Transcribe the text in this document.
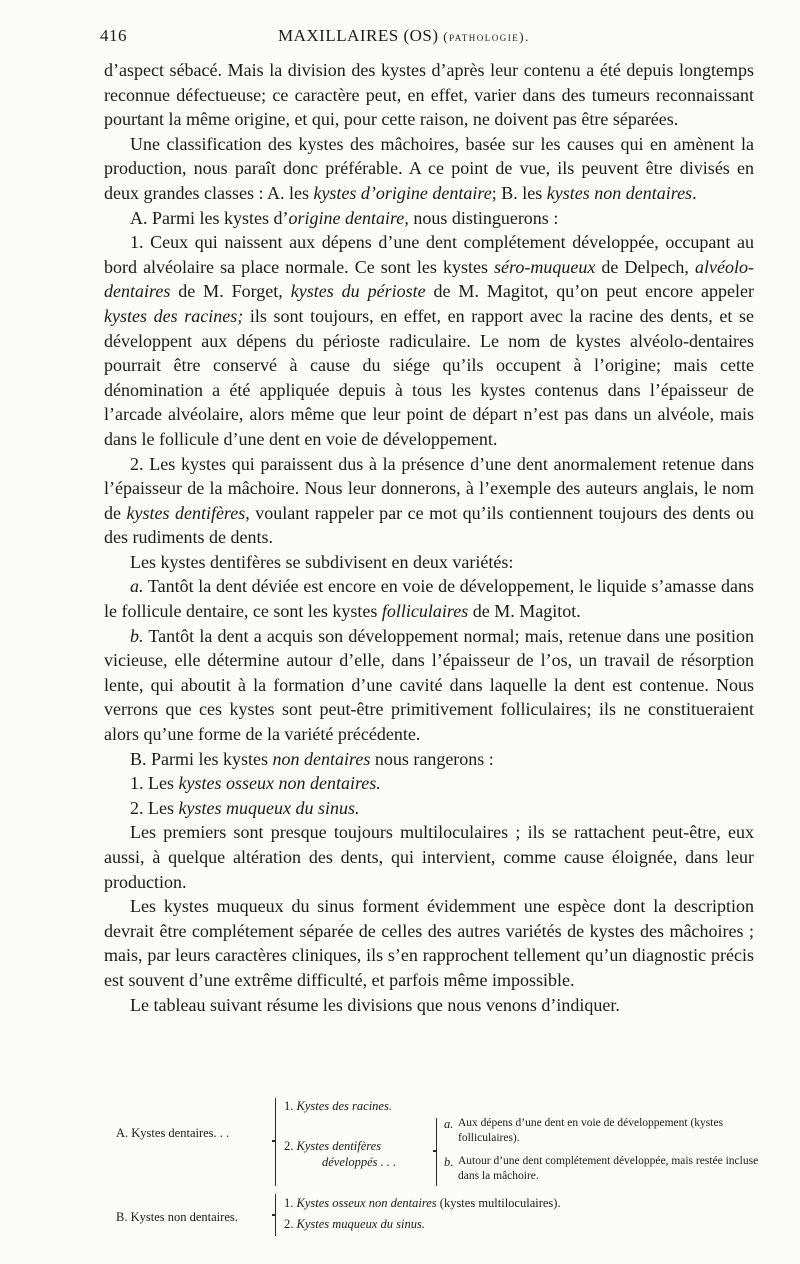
416	MAXILLAIRES (OS) (pathologie).

d’aspect sébacé. Mais la division des kystes d’après leur contenu a été depuis longtemps reconnue défectueuse; ce caractère peut, en effet, varier dans des tumeurs reconnaissant pourtant la même origine, et qui, pour cette raison, ne doivent pas être séparées.

Une classification des kystes des mâchoires, basée sur les causes qui en amènent la production, nous paraît donc préférable. A ce point de vue, ils peuvent être divisés en deux grandes classes : A. les kystes d’origine dentaire; B. les kystes non dentaires.

A. Parmi les kystes d’origine dentaire, nous distinguerons :

1. Ceux qui naissent aux dépens d’une dent complétement développée, occupant au bord alvéolaire sa place normale. Ce sont les kystes séro-muqueux de Delpech, alvéolo-dentaires de M. Forget, kystes du périoste de M. Magitot, qu’on peut encore appeler kystes des racines; ils sont toujours, en effet, en rapport avec la racine des dents, et se développent aux dépens du périoste radiculaire. Le nom de kystes alvéolo-dentaires pourrait être conservé à cause du siége qu’ils occupent à l’origine; mais cette dénomination a été appliquée depuis à tous les kystes contenus dans l’épaisseur de l’arcade alvéolaire, alors même que leur point de départ n’est pas dans un alvéole, mais dans le follicule d’une dent en voie de développement.

2. Les kystes qui paraissent dus à la présence d’une dent anormalement retenue dans l’épaisseur de la mâchoire. Nous leur donnerons, à l’exemple des auteurs anglais, le nom de kystes dentifères, voulant rappeler par ce mot qu’ils contiennent toujours des dents ou des rudiments de dents.

Les kystes dentifères se subdivisent en deux variétés:

a. Tantôt la dent déviée est encore en voie de développement, le liquide s’amasse dans le follicule dentaire, ce sont les kystes folliculaires de M. Magitot.

b. Tantôt la dent a acquis son développement normal; mais, retenue dans une position vicieuse, elle détermine autour d’elle, dans l’épaisseur de l’os, un travail de résorption lente, qui aboutit à la formation d’une cavité dans laquelle la dent est contenue. Nous verrons que ces kystes sont peut-être primitivement folliculaires; ils ne constitueraient alors qu’une forme de la variété précédente.

B. Parmi les kystes non dentaires nous rangerons :

1. Les kystes osseux non dentaires.

2. Les kystes muqueux du sinus.

Les premiers sont presque toujours multiloculaires ; ils se rattachent peut-être, eux aussi, à quelque altération des dents, qui intervient, comme cause éloignée, dans leur production.

Les kystes muqueux du sinus forment évidemment une espèce dont la description devrait être complétement séparée de celles des autres variétés de kystes des mâchoires ; mais, par leurs caractères cliniques, ils s’en rapprochent tellement qu’un diagnostic précis est souvent d’une extrême difficulté, et parfois même impossible.

Le tableau suivant résume les divisions que nous venons d’indiquer.

A. Kystes dentaires. . .
1. Kystes des racines.
2. Kystes dentifères
développés . . .
a. Aux dépens d’une dent en voie de développement (kystes folliculaires).
b. Autour d’une dent complétement développée, mais restée incluse dans la mâchoire.
B. Kystes non dentaires.
1. Kystes osseux non dentaires (kystes multiloculaires).
2. Kystes muqueux du sinus.
